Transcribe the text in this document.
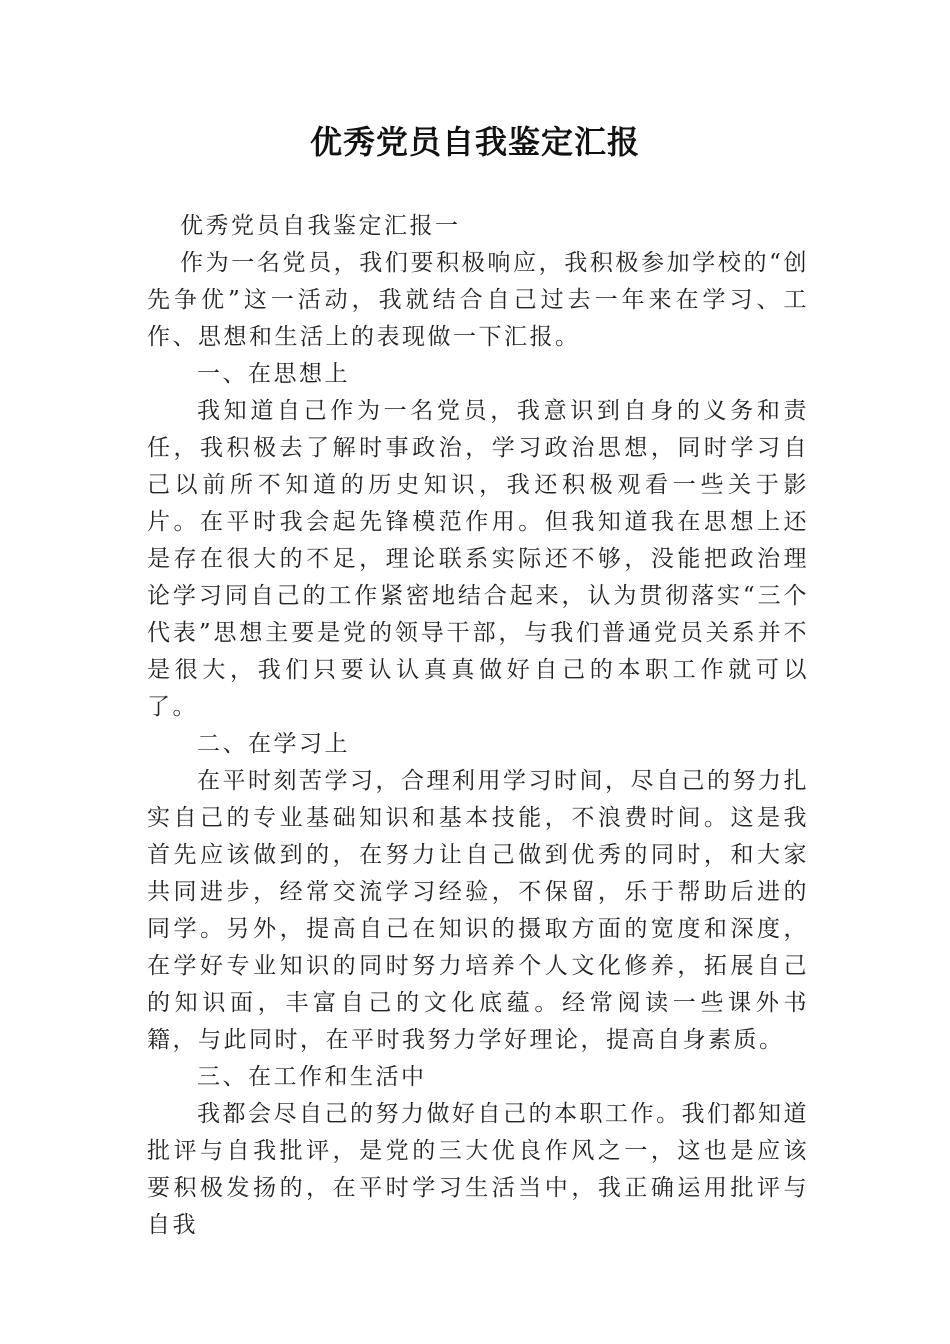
优秀党员自我鉴定汇报

优秀党员自我鉴定汇报一

作为一名党员，我们要积极响应，我积极参加学校的“创先争优”这一活动，我就结合自己过去一年来在学习、工作、思想和生活上的表现做一下汇报。

一、在思想上

我知道自己作为一名党员，我意识到自身的义务和责任，我积极去了解时事政治，学习政治思想，同时学习自己以前所不知道的历史知识，我还积极观看一些关于影片。在平时我会起先锋模范作用。但我知道我在思想上还是存在很大的不足，理论联系实际还不够，没能把政治理论学习同自己的工作紧密地结合起来，认为贯彻落实“三个代表”思想主要是党的领导干部，与我们普通党员关系并不是很大，我们只要认认真真做好自己的本职工作就可以了。

二、在学习上

在平时刻苦学习，合理利用学习时间，尽自己的努力扎实自己的专业基础知识和基本技能，不浪费时间。这是我首先应该做到的，在努力让自己做到优秀的同时，和大家共同进步，经常交流学习经验，不保留，乐于帮助后进的同学。另外，提高自己在知识的摄取方面的宽度和深度，在学好专业知识的同时努力培养个人文化修养，拓展自己的知识面，丰富自己的文化底蕴。经常阅读一些课外书籍，与此同时，在平时我努力学好理论，提高自身素质。

三、在工作和生活中

我都会尽自己的努力做好自己的本职工作。我们都知道批评与自我批评，是党的三大优良作风之一，这也是应该要积极发扬的，在平时学习生活当中，我正确运用批评与自我
